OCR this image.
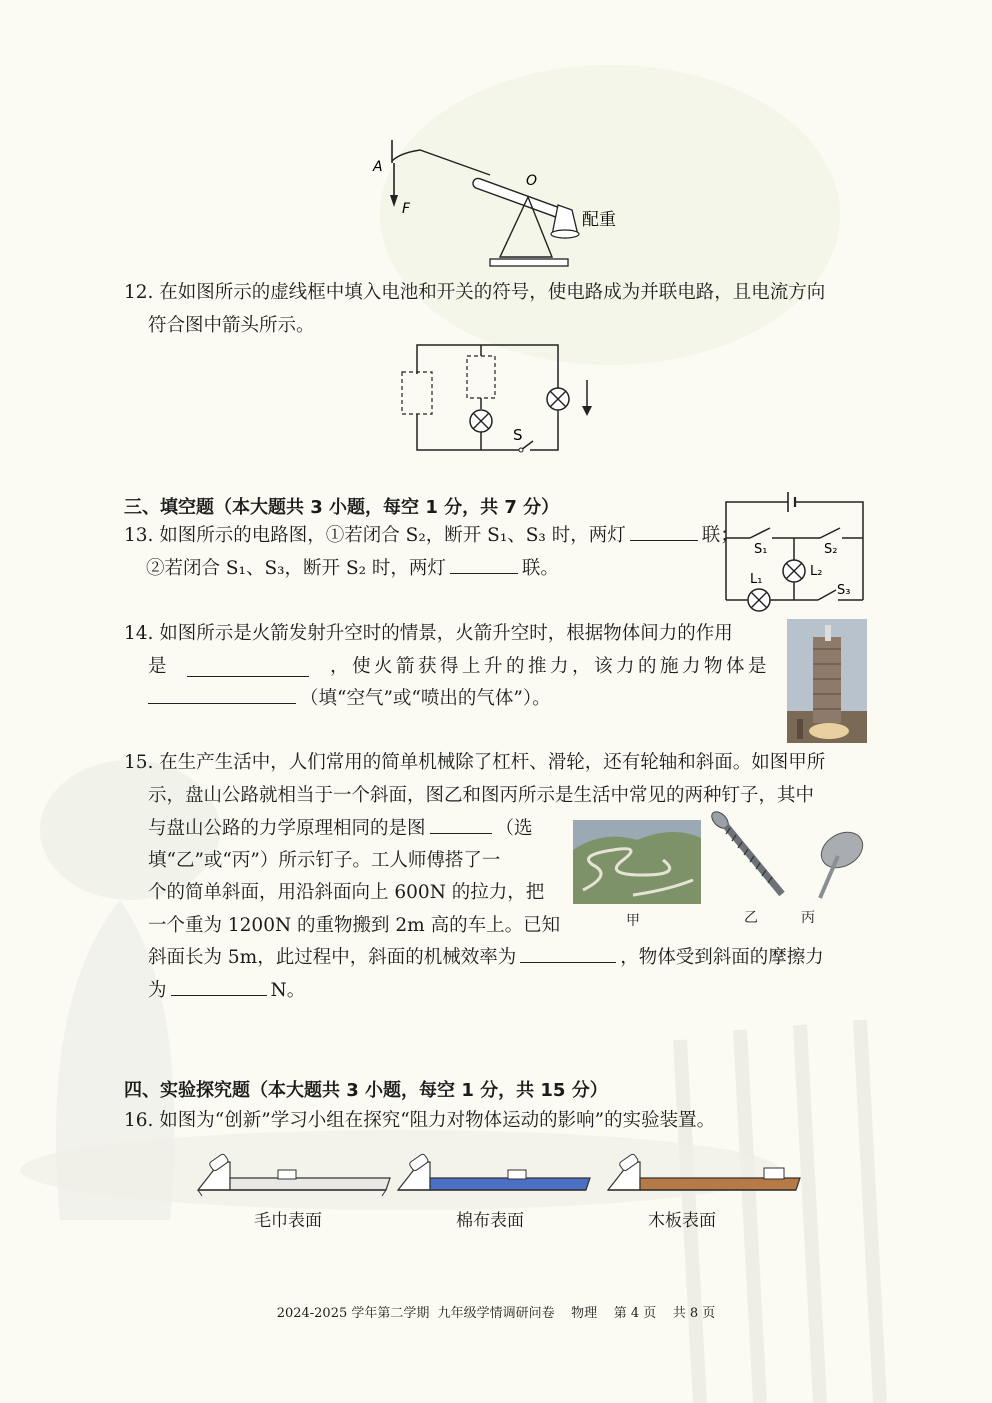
A
F
O
配重
12. 在如图所示的虚线框中填入电池和开关的符号，使电路成为并联电路，且电流方向
符合图中箭头所示。
S
三、填空题（本大题共 3 小题，每空 1 分，共 7 分）
13. 如图所示的电路图，①若闭合 S₂，断开 S₁、S₃ 时，两灯	联；
②若闭合 S₁、S₃，断开 S₂ 时，两灯	联。
S₁	S₂
L₁
L₂
S₃
14. 如图所示是火箭发射升空时的情景，火箭升空时，根据物体间力的作用
是	，使火箭获得上升的推力，该力的施力物体是
（填“空气”或“喷出的气体”）。
15. 在生产生活中，人们常用的简单机械除了杠杆、滑轮，还有轮轴和斜面。如图甲所
示，盘山公路就相当于一个斜面，图乙和图丙所示是生活中常见的两种钉子，其中
与盘山公路的力学原理相同的是图	（选
填“乙”或“丙”）所示钉子。工人师傅搭了一
个的简单斜面，用沿斜面向上 600N 的拉力，把
一个重为 1200N 的重物搬到 2m 高的车上。已知
斜面长为 5m，此过程中，斜面的机械效率为	，物体受到斜面的摩擦力
为	N。
甲	乙	丙
四、实验探究题（本大题共 3 小题，每空 1 分，共 15 分）
16. 如图为“创新”学习小组在探究“阻力对物体运动的影响”的实验装置。
毛巾表面	棉布表面	木板表面
2024-2025 学年第二学期  九年级学情调研问卷    物理    第 4 页    共 8 页
